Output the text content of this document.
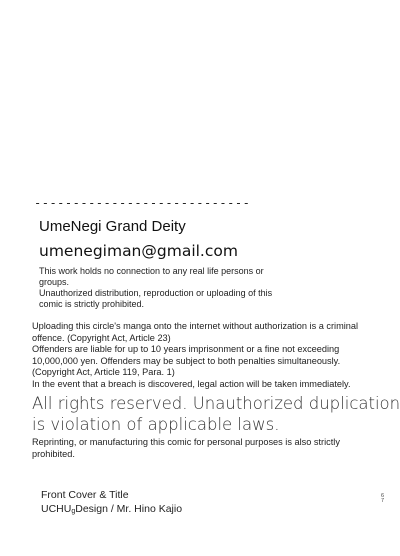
----------------------------
UmeNegi Grand Deity
umenegiman@gmail.com
This work holds no connection to any real life persons or
groups.
Unauthorized distribution, reproduction or uploading of this
comic is strictly prohibited.
Uploading this circle's manga onto the internet without authorization is a criminal
offence. (Copyright Act, Article 23)
Offenders are liable for up to 10 years imprisonment or a fine not exceeding
10,000,000 yen. Offenders may be subject to both penalties simultaneously.
(Copyright Act, Article 119, Para. 1)
In the event that a breach is discovered, legal action will be taken immediately.
All rights reserved. Unauthorized duplication
is violation of applicable laws.
Reprinting, or manufacturing this comic for personal purposes is also strictly
prohibited.
Front Cover & Title
UCHUgDesign / Mr. Hino Kajio
6
7
